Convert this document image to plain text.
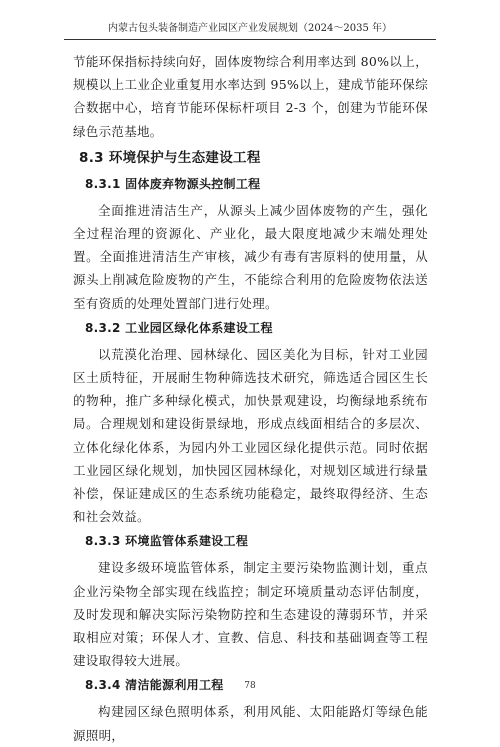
内蒙古包头装备制造产业园区产业发展规划（2024～2035 年）

节能环保指标持续向好，固体废物综合利用率达到 80%以上，规模以上工业企业重复用水率达到 95%以上，建成节能环保综合数据中心，培育节能环保标杆项目 2-3 个，创建为节能环保绿色示范基地。

8.3 环境保护与生态建设工程
8.3.1 固体废弃物源头控制工程

全面推进清洁生产，从源头上减少固体废物的产生，强化全过程治理的资源化、产业化，最大限度地减少末端处理处置。全面推进清洁生产审核，减少有毒有害原料的使用量，从源头上削减危险废物的产生，不能综合利用的危险废物依法送至有资质的处理处置部门进行处理。

8.3.2 工业园区绿化体系建设工程

以荒漠化治理、园林绿化、园区美化为目标，针对工业园区土质特征，开展耐生物种筛选技术研究，筛选适合园区生长的物种，推广多种绿化模式，加快景观建设，均衡绿地系统布局。合理规划和建设街景绿地，形成点线面相结合的多层次、立体化绿化体系，为园内外工业园区绿化提供示范。同时依据工业园区绿化规划，加快园区园林绿化，对规划区域进行绿量补偿，保证建成区的生态系统功能稳定，最终取得经济、生态和社会效益。

8.3.3 环境监管体系建设工程

建设多级环境监管体系，制定主要污染物监测计划，重点企业污染物全部实现在线监控；制定环境质量动态评估制度，及时发现和解决实际污染物防控和生态建设的薄弱环节，并采取相应对策；环保人才、宣教、信息、科技和基础调查等工程建设取得较大进展。

8.3.4 清洁能源利用工程

构建园区绿色照明体系，利用风能、太阳能路灯等绿色能源照明，

78
